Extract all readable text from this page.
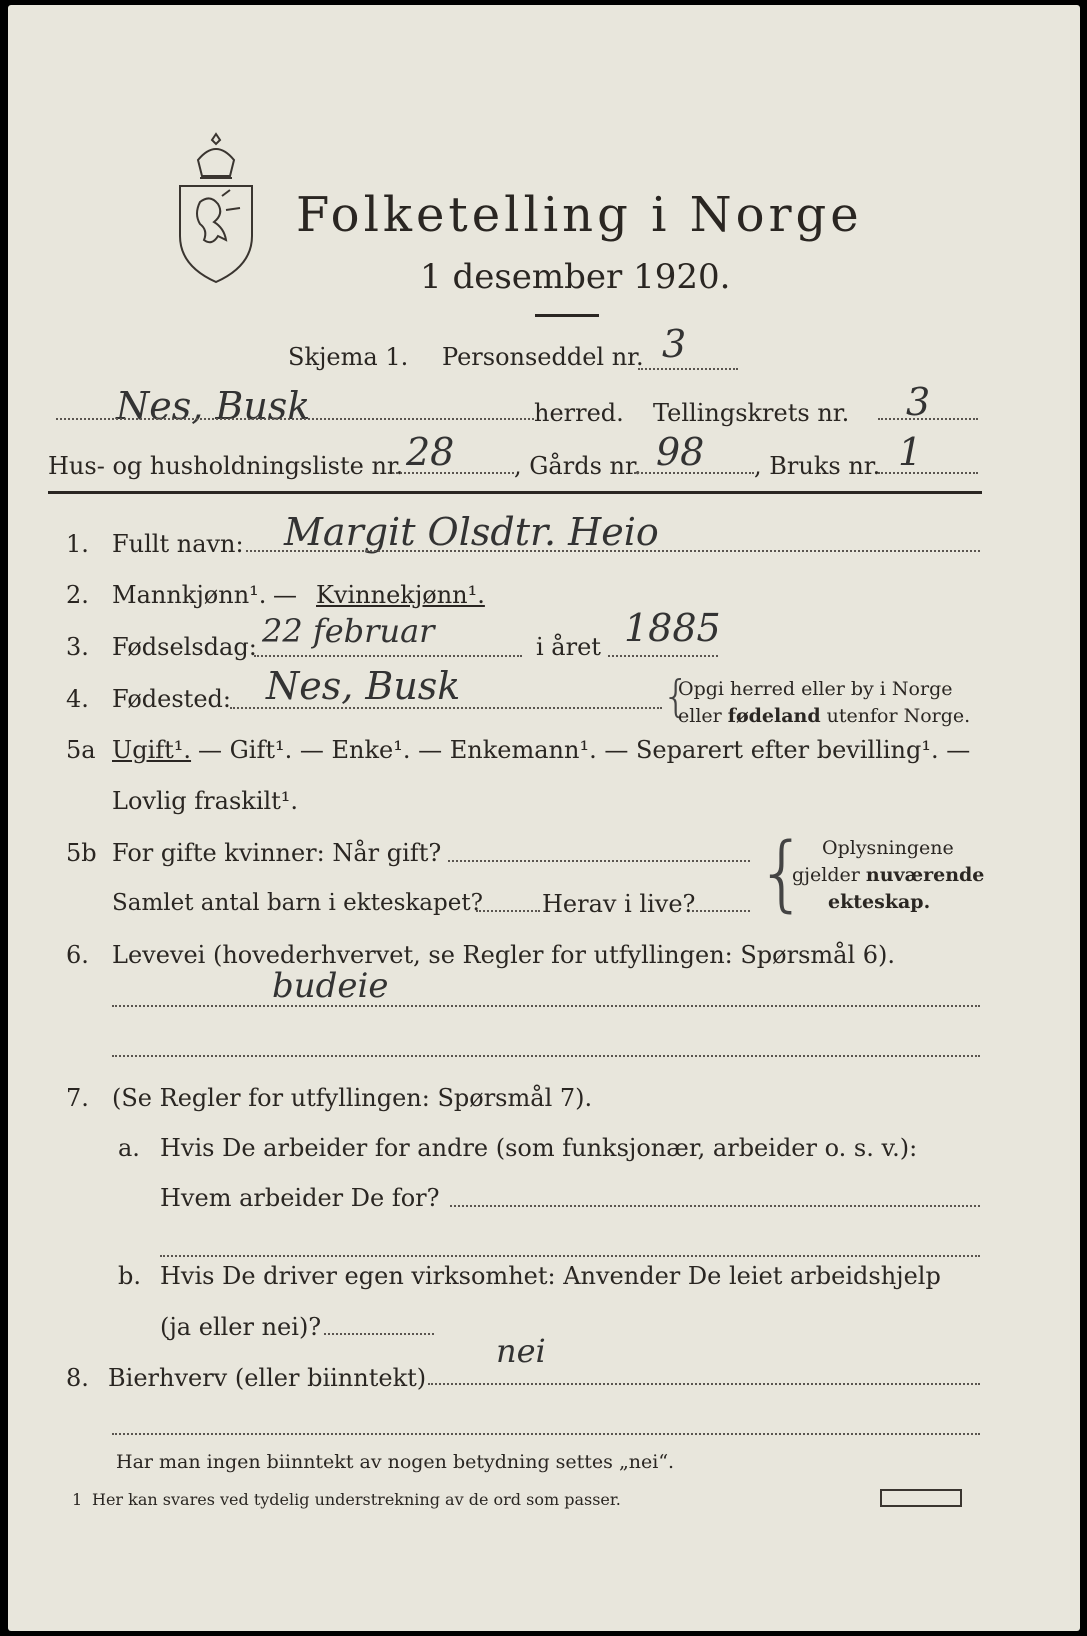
Folketelling i Norge
1 desember 1920.
Skjema 1. Personseddel nr. 3
Nes, Busk	herred. Tellingskrets nr. 3
Hus- og husholdningsliste nr. 28 , Gårds nr. 98 , Bruks nr. 1
1. Fullt navn: Margit Olsdtr. Heio
2. Mannkjønn¹. — Kvinnekjønn¹.
3. Fødselsdag: 22 februar	i året 1885
4. Fødested: Nes, Busk	{
Opgi herred eller by i Norge
eller fødeland utenfor Norge.
5a Ugift¹. — Gift¹. — Enke¹. — Enkemann¹. — Separert efter bevilling¹. —
Lovlig fraskilt¹.
5b For gifte kvinner: Når gift?
Samlet antal barn i ekteskapet? Herav i live? { Oplysningene
gjelder nuværende
ekteskap.
6. Levevei (hovederhvervet, se Regler for utfyllingen: Spørsmål 6).
budeie
7. (Se Regler for utfyllingen: Spørsmål 7).
a. Hvis De arbeider for andre (som funksjonær, arbeider o. s. v.):
Hvem arbeider De for?
b. Hvis De driver egen virksomhet: Anvender De leiet arbeidshjelp
(ja eller nei)?
8. Bierhverv (eller biinntekt)
nei
Har man ingen biinntekt av nogen betydning settes „nei“.
1 Her kan svares ved tydelig understrekning av de ord som passer.
